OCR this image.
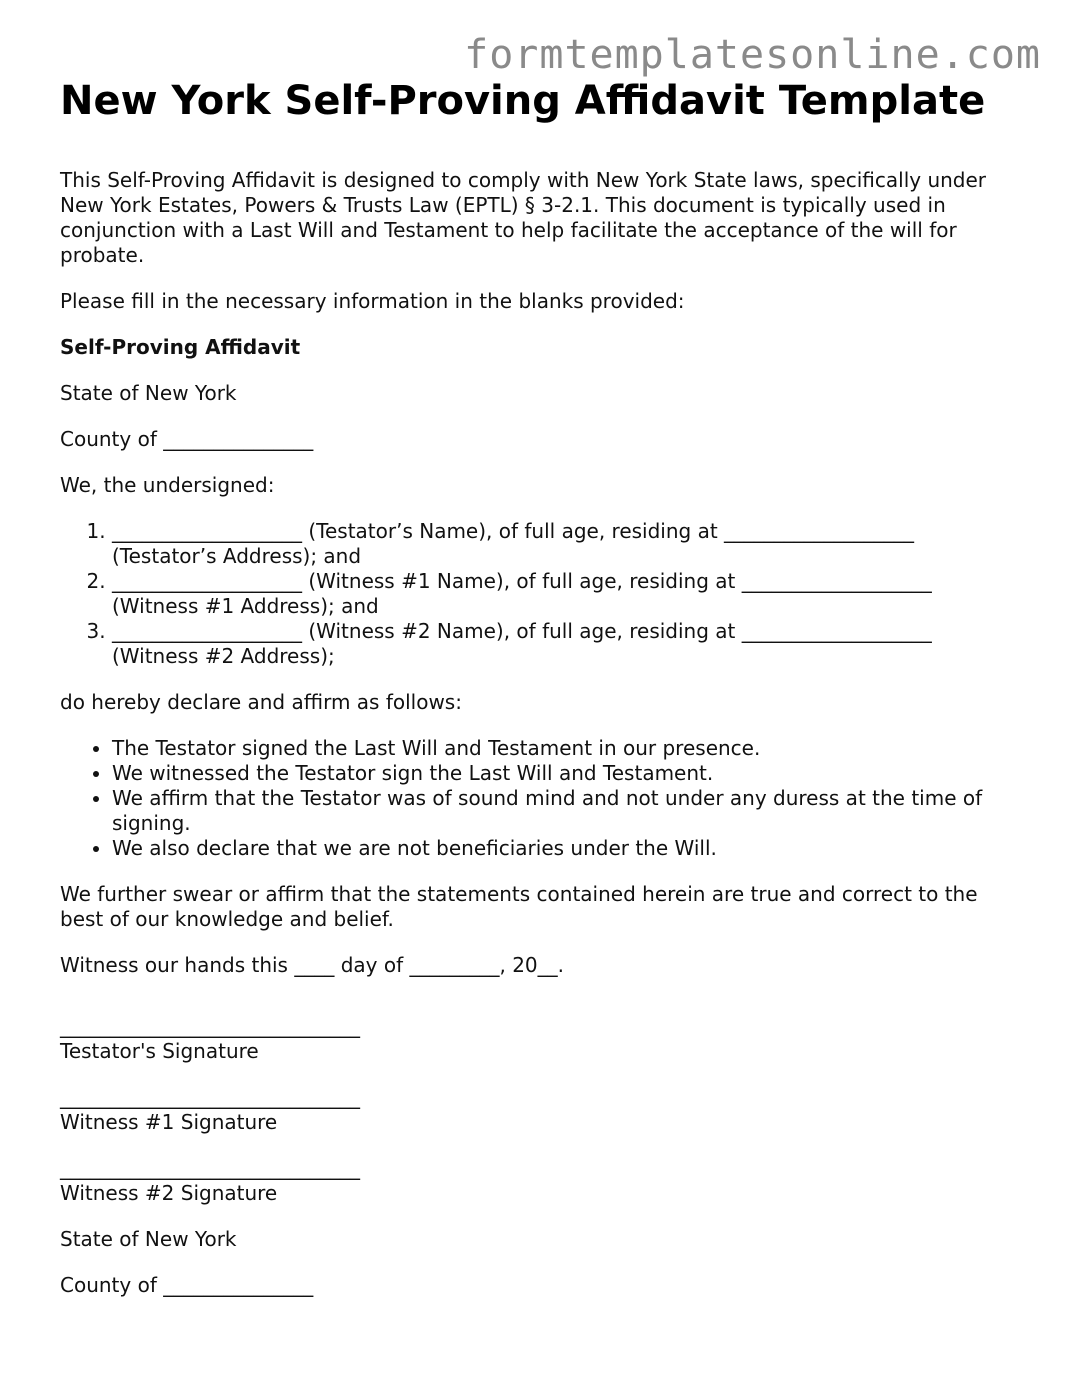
formtemplatesonline.com
New York Self-Proving Affidavit Template

This Self-Proving Affidavit is designed to comply with New York State laws, specifically under New York Estates, Powers & Trusts Law (EPTL) § 3-2.1. This document is typically used in conjunction with a Last Will and Testament to help facilitate the acceptance of the will for probate.

Please fill in the necessary information in the blanks provided:

Self-Proving Affidavit

State of New York

County of _______________

We, the undersigned:

1. ___________________ (Testator’s Name), of full age, residing at ___________________ (Testator’s Address); and
2. ___________________ (Witness #1 Name), of full age, residing at ___________________ (Witness #1 Address); and
3. ___________________ (Witness #2 Name), of full age, residing at ___________________ (Witness #2 Address);

do hereby declare and affirm as follows:

• The Testator signed the Last Will and Testament in our presence.
• We witnessed the Testator sign the Last Will and Testament.
• We affirm that the Testator was of sound mind and not under any duress at the time of signing.
• We also declare that we are not beneficiaries under the Will.

We further swear or affirm that the statements contained herein are true and correct to the best of our knowledge and belief.

Witness our hands this ____ day of _________, 20__.

______________________________
Testator's Signature
______________________________
Witness #1 Signature
______________________________
Witness #2 Signature

State of New York

County of _______________
